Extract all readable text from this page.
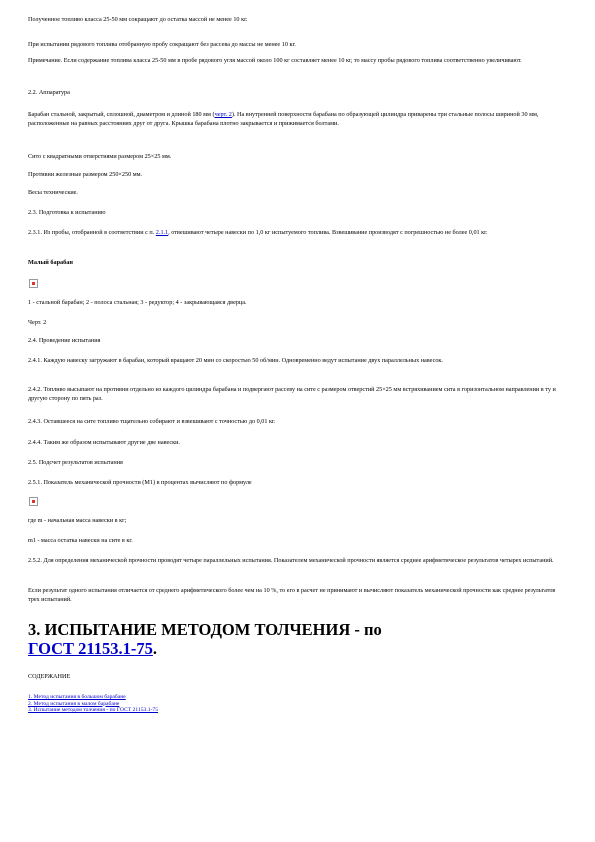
Полученное топливо класса 25-50 мм сокращают до остатка массой не менее 10 кг.

При испытании рядового топлива отобранную пробу сокращают без рассева до массы не менее 10 кг.

Примечание. Если содержание топлива класса 25-50 мм в пробе рядового угля массой около 100 кг составляет менее 10 кг, то массу пробы рядового топлива соответственно увеличивают.

2.2. Аппаратура

Барабан стальной, закрытый, сплошной, диаметром и длиной 180 мм (черт. 2). На внутренней поверхности барабана по образующей цилиндра приварены три стальные полосы шириной 30 мм, расположенные на равных расстояниях друг от друга. Крышка барабана плотно закрывается и прижимается болтами.

Сито с квадратными отверстиями размером 25×25 мм.

Противни железные размером 250×250 мм.

Весы технические.

2.3. Подготовка к испытанию

2.3.1. Из пробы, отобранной в соответствии с п. 2.1.1, отвешивают четыре навески по 1,0 кг испытуемого топлива. Взвешивание производят с погрешностью не более 0,01 кг.

Малый барабан

1 - стальной барабан; 2 - полоса стальная; 3 - редуктор; 4 - закрывающаяся дверца.

Черт. 2

2.4. Проведение испытания

2.4.1. Каждую навеску загружают в барабан, который вращают 20 мин со скоростью 50 об/мин. Одновременно ведут испытание двух параллельных навесок.

2.4.2. Топливо высыпают на противни отдельно из каждого цилиндра барабана и подвергают рассеву на сите с размером отверстий 25×25 мм встряхиванием сита в горизонтальном направлении в ту и другую сторону по пять раз.

2.4.3. Оставшееся на сите топливо тщательно собирают и взвешивают с точностью до 0,01 кг.

2.4.4. Таким же образом испытывают другие две навески.

2.5. Подсчет результатов испытания

2.5.1. Показатель механической прочности (М1) в процентах вычисляют по формуле

где m - начальная масса навески в кг;

m1 - масса остатка навески на сите в кг.

2.5.2. Для определения механической прочности проводят четыре параллельных испытания. Показателем механической прочности является среднее арифметическое результатов четырех испытаний.

Если результат одного испытания отличается от среднего арифметического более чем на 10 %, то его в расчет не принимают и вычисляют показатель механической прочности как среднее результатов трех испытаний.

3. ИСПЫТАНИЕ МЕТОДОМ ТОЛЧЕНИЯ - по
ГОСТ 21153.1-75.

СОДЕРЖАНИЕ

1. Метод испытания в большом барабане
2. Метод испытания в малом барабане
3. Испытание методом толчения - по ГОСТ 21153.1-75
